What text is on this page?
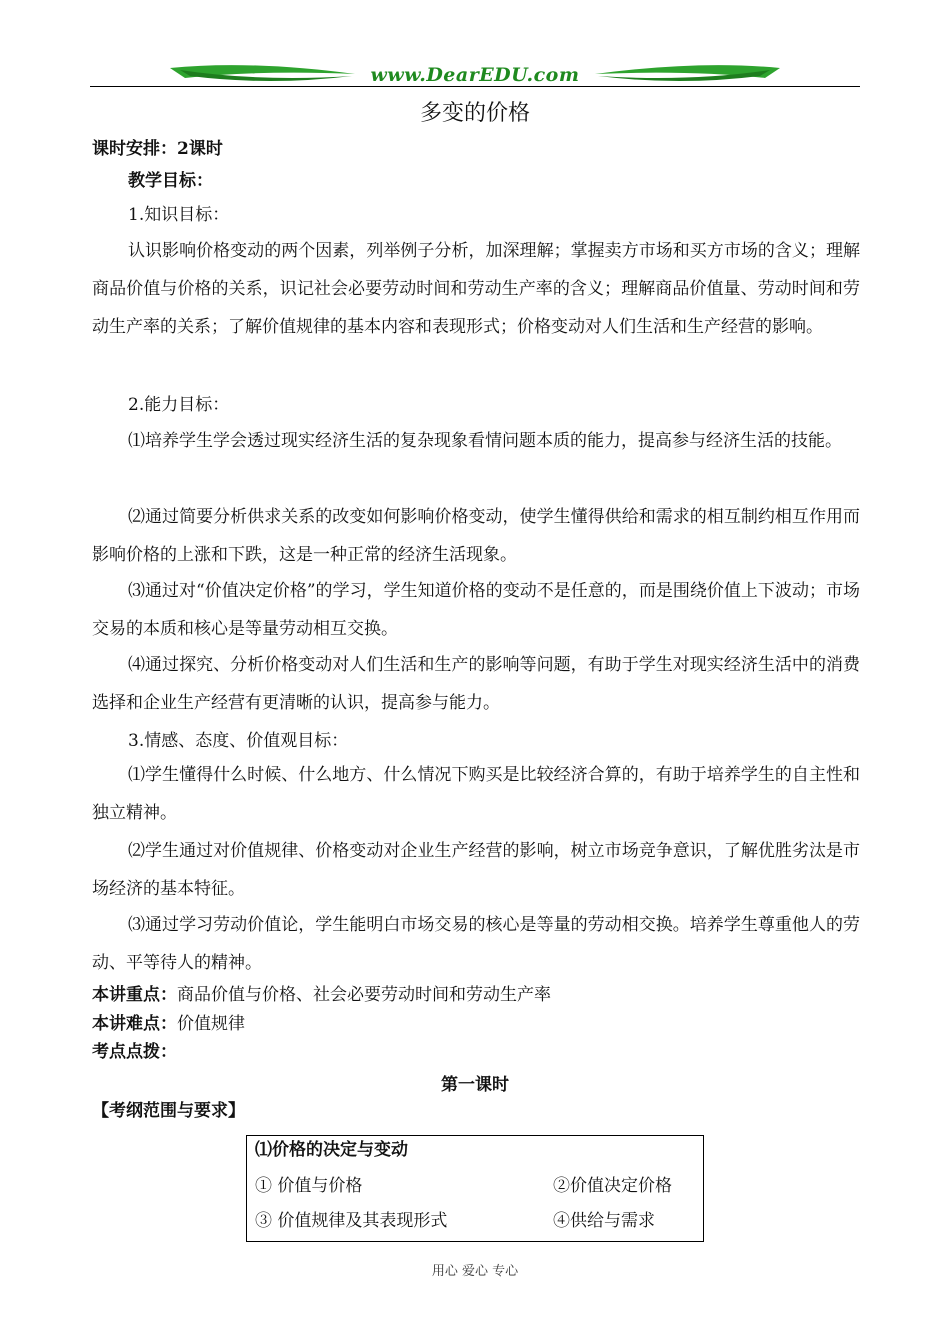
www.DearEDU.com
多变的价格
课时安排：2课时
教学目标：
1.知识目标：
认识影响价格变动的两个因素，列举例子分析，加深理解；掌握卖方市场和买方市场的含义；理解商品价值与价格的关系，识记社会必要劳动时间和劳动生产率的含义；理解商品价值量、劳动时间和劳动生产率的关系；了解价值规律的基本内容和表现形式；价格变动对人们生活和生产经营的影响。
2.能力目标：
⑴培养学生学会透过现实经济生活的复杂现象看情问题本质的能力，提高参与经济生活的技能。
⑵通过简要分析供求关系的改变如何影响价格变动，使学生懂得供给和需求的相互制约相互作用而影响价格的上涨和下跌，这是一种正常的经济生活现象。
⑶通过对“价值决定价格”的学习，学生知道价格的变动不是任意的，而是围绕价值上下波动；市场交易的本质和核心是等量劳动相互交换。
⑷通过探究、分析价格变动对人们生活和生产的影响等问题，有助于学生对现实经济生活中的消费选择和企业生产经营有更清晰的认识，提高参与能力。
3.情感、态度、价值观目标：
⑴学生懂得什么时候、什么地方、什么情况下购买是比较经济合算的，有助于培养学生的自主性和独立精神。
⑵学生通过对价值规律、价格变动对企业生产经营的影响，树立市场竞争意识，了解优胜劣汰是市场经济的基本特征。
⑶通过学习劳动价值论，学生能明白市场交易的核心是等量的劳动相交换。培养学生尊重他人的劳动、平等待人的精神。
本讲重点：商品价值与价格、社会必要劳动时间和劳动生产率
本讲难点：价值规律
考点点拨：
第一课时
【考纲范围与要求】
⑴价格的决定与变动
① 价值与价格	②价值决定价格
③ 价值规律及其表现形式	④供给与需求
用心 爱心 专心
